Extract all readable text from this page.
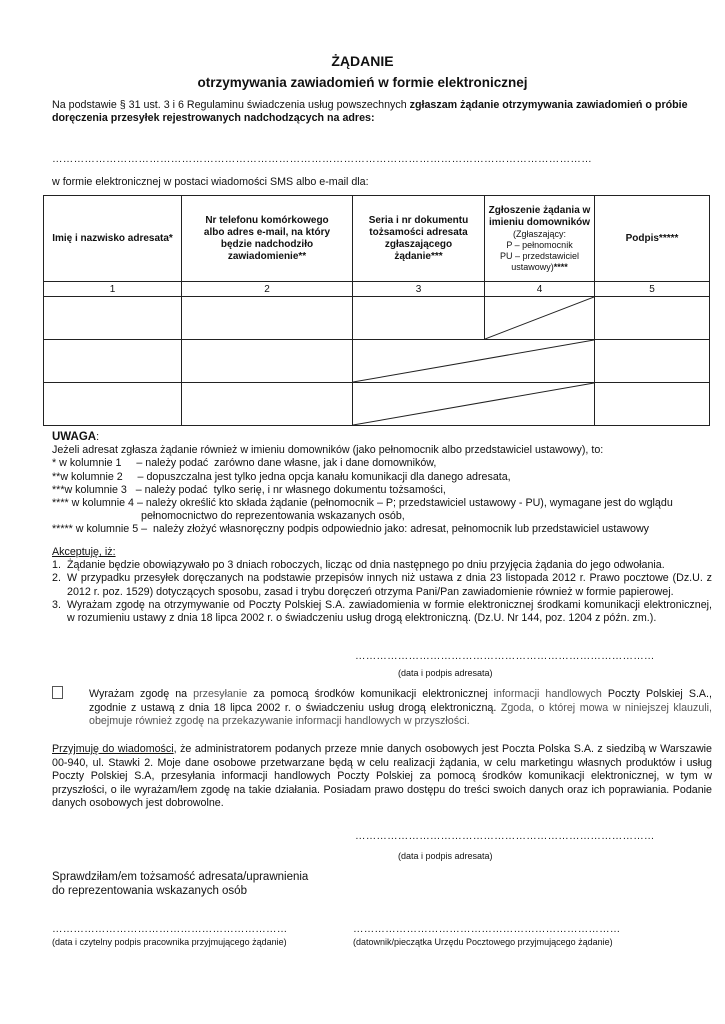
ŻĄDANIE
otrzymywania zawiadomień w formie elektronicznej
Na podstawie § 31 ust. 3 i 6 Regulaminu świadczenia usług powszechnych zgłaszam żądanie otrzymywania zawiadomień o próbie doręczenia przesyłek rejestrowanych nadchodzących na adres:
……………………………………………………………………………………………………………………………………
w formie elektronicznej w postaci wiadomości SMS albo e-mail dla:
Imię i nazwisko adresata*	Nr telefonu komórkowego albo adres e-mail, na który będzie nadchodziło zawiadomienie**	Seria i nr dokumentu tożsamości adresata zgłaszającego żądanie***	Zgłoszenie żądania w imieniu domowników
(Zgłaszający:
P – pełnomocnik
PU – przedstawiciel ustawowy)****	Podpis*****
1	2	3	4	5

UWAGA:
Jeżeli adresat zgłasza żądanie również w imieniu domowników (jako pełnomocnik albo przedstawiciel ustawowy), to:
* w kolumnie 1     – należy podać  zarówno dane własne, jak i dane domowników,
**w kolumnie 2     – dopuszczalna jest tylko jedna opcja kanału komunikacji dla danego adresata,
***w kolumnie 3   – należy podać  tylko serię, i nr własnego dokumentu tożsamości,
**** w kolumnie 4 – należy określić kto składa żądanie (pełnomocnik – P; przedstawiciel ustawowy - PU), wymagane jest do wglądu
pełnomocnictwo do reprezentowania wskazanych osób,
***** w kolumnie 5 –  należy złożyć własnoręczny podpis odpowiednio jako: adresat, pełnomocnik lub przedstawiciel ustawowy
Akceptuję, iż:
1. Żądanie będzie obowiązywało po 3 dniach roboczych, licząc od dnia następnego po dniu przyjęcia żądania do jego odwołania.
2. W przypadku przesyłek doręczanych na podstawie przepisów innych niż ustawa z dnia 23 listopada 2012 r. Prawo pocztowe (Dz.U. z 2012 r. poz. 1529) dotyczących sposobu, zasad i trybu doręczeń otrzyma Pani/Pan zawiadomienie również w formie papierowej.
3. Wyrażam zgodę na otrzymywanie od Poczty Polskiej S.A. zawiadomienia w formie elektronicznej środkami komunikacji elektronicznej, w rozumieniu ustawy z dnia 18 lipca 2002 r. o świadczeniu usług drogą elektroniczną. (Dz.U. Nr 144, poz. 1204 z późn. zm.).
…………………………………………………………………………
(data i podpis adresata)
Wyrażam zgodę na przesyłanie za pomocą środków komunikacji elektronicznej informacji handlowych Poczty Polskiej S.A., zgodnie z ustawą z dnia 18 lipca 2002 r. o świadczeniu usług drogą elektroniczną. Zgoda, o której mowa w niniejszej klauzuli, obejmuje również zgodę na przekazywanie informacji handlowych w przyszłości.
Przyjmuję do wiadomości, że administratorem podanych przeze mnie danych osobowych jest Poczta Polska S.A. z siedzibą w Warszawie 00-940, ul. Stawki 2. Moje dane osobowe przetwarzane będą w celu realizacji żądania, w celu marketingu własnych produktów i usług Poczty Polskiej S.A, przesyłania informacji handlowych Poczty Polskiej za pomocą środków komunikacji elektronicznej, w tym w przyszłości, o ile wyrażam/łem zgodę na takie działania. Posiadam prawo dostępu do treści swoich danych oraz ich poprawiania. Podanie danych osobowych jest dobrowolne.
…………………………………………………………………………
(data i podpis adresata)
Sprawdziłam/em tożsamość adresata/uprawnienia
do reprezentowania wskazanych osób
…………………………………………………………
(data i czytelny podpis pracownika przyjmującego żądanie)
…………………………………………………………………
(datownik/pieczątka Urzędu Pocztowego przyjmującego żądanie)
